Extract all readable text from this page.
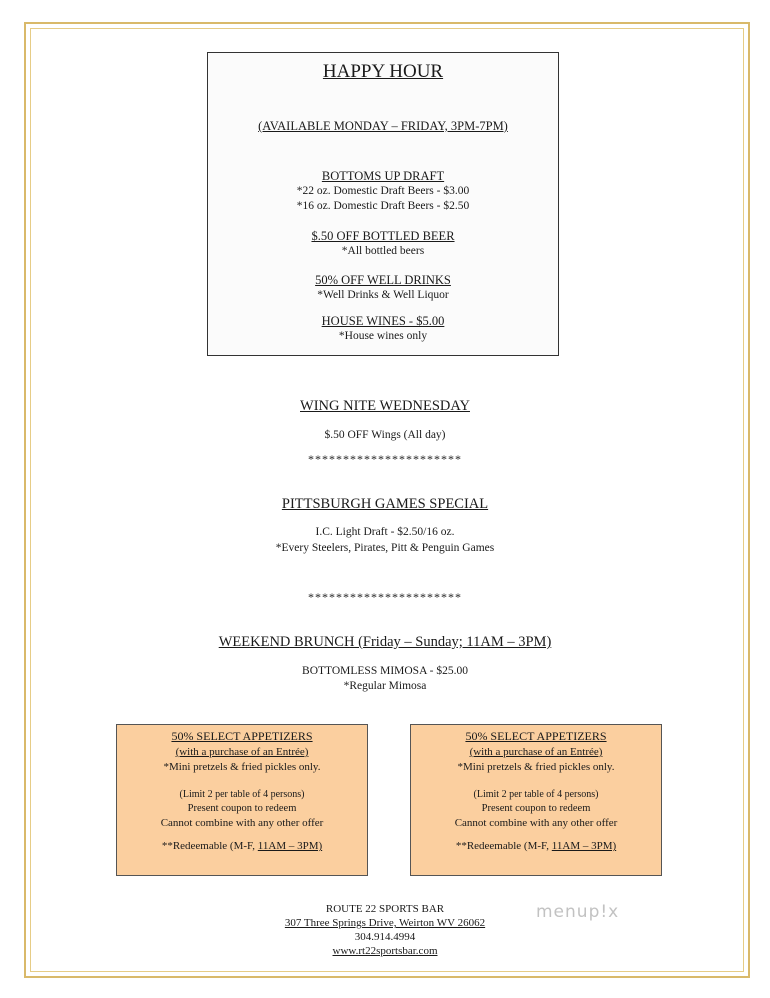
HAPPY HOUR
(AVAILABLE MONDAY – FRIDAY, 3PM-7PM)
BOTTOMS UP DRAFT
*22 oz. Domestic Draft Beers - $3.00
*16 oz. Domestic Draft Beers - $2.50
$.50 OFF BOTTLED BEER
*All bottled beers
50% OFF WELL DRINKS
*Well Drinks & Well Liquor
HOUSE WINES - $5.00
*House wines only
WING NITE WEDNESDAY
$.50 OFF Wings (All day)
**********************
PITTSBURGH GAMES SPECIAL
I.C. Light Draft - $2.50/16 oz.
*Every Steelers, Pirates, Pitt & Penguin Games
**********************
WEEKEND BRUNCH (Friday – Sunday; 11AM – 3PM)
BOTTOMLESS MIMOSA - $25.00
*Regular Mimosa
50% SELECT APPETIZERS
(with a purchase of an Entrée)
*Mini pretzels & fried pickles only.
(Limit 2 per table of 4 persons)
Present coupon to redeem
Cannot combine with any other offer
**Redeemable (M-F, 11AM – 3PM)
50% SELECT APPETIZERS
(with a purchase of an Entrée)
*Mini pretzels & fried pickles only.
(Limit 2 per table of 4 persons)
Present coupon to redeem
Cannot combine with any other offer
**Redeemable (M-F, 11AM – 3PM)
ROUTE 22 SPORTS BAR
307 Three Springs Drive, Weirton WV 26062
304.914.4994
www.rt22sportsbar.com
menup!x
